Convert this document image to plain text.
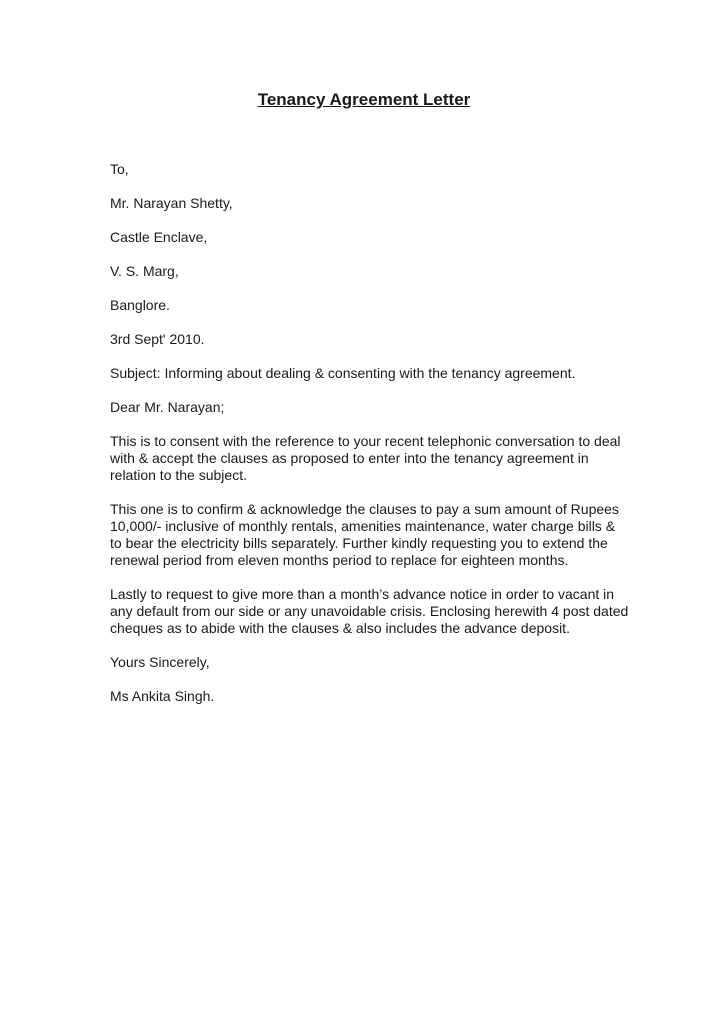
Tenancy Agreement Letter

To,

Mr. Narayan Shetty,

Castle Enclave,

V. S. Marg,

Banglore.

3rd Sept' 2010.

Subject: Informing about dealing & consenting with the tenancy agreement.

Dear Mr. Narayan;

This is to consent with the reference to your recent telephonic conversation to deal with & accept the clauses as proposed to enter into the tenancy agreement in relation to the subject.

This one is to confirm & acknowledge the clauses to pay a sum amount of Rupees 10,000/- inclusive of monthly rentals, amenities maintenance, water charge bills & to bear the electricity bills separately. Further kindly requesting you to extend the renewal period from eleven months period to replace for eighteen months.

Lastly to request to give more than a month’s advance notice in order to vacant in any default from our side or any unavoidable crisis. Enclosing herewith 4 post dated cheques as to abide with the clauses & also includes the advance deposit.

Yours Sincerely,

Ms Ankita Singh.
